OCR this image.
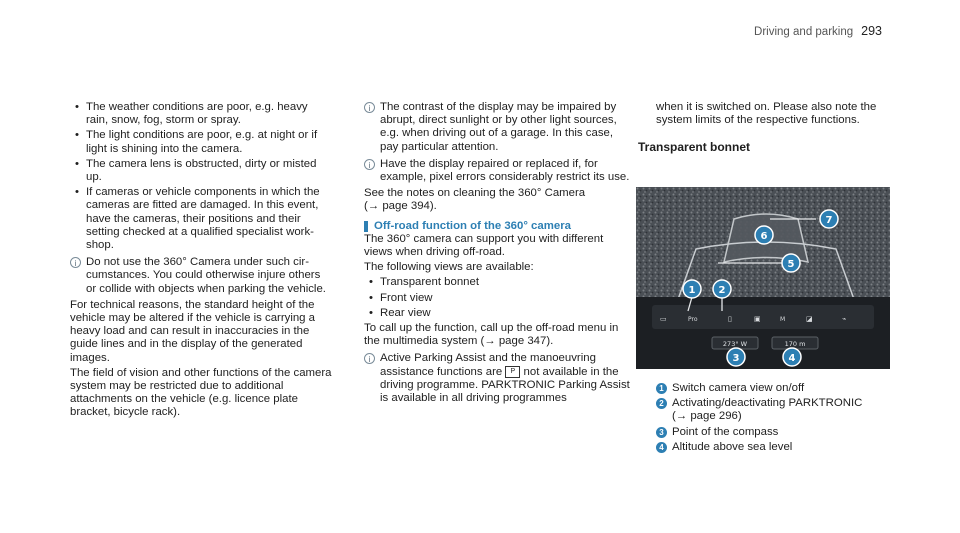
Driving and parking 293
• The weather conditions are poor, e.g. heavy rain, snow, fog, storm or spray.
• The light conditions are poor, e.g. at night or if light is shining into the camera.
• The camera lens is obstructed, dirty or misted up.
• If cameras or vehicle components in which the cameras are fitted are damaged. In this event, have the cameras, their positions and their setting checked at a qualified specialist workshop.
i Do not use the 360° Camera under such circumstances. You could otherwise injure others or collide with objects when parking the vehicle.

For technical reasons, the standard height of the vehicle may be altered if the vehicle is carrying a heavy load and can result in inaccuracies in the guide lines and in the display of the generated images.

The field of vision and other functions of the camera system may be restricted due to additional attachments on the vehicle (e.g. licence plate bracket, bicycle rack).

i The contrast of the display may be impaired by abrupt, direct sunlight or by other light sources, e.g. when driving out of a garage. In this case, pay particular attention.
i Have the display repaired or replaced if, for example, pixel errors considerably restrict its use.

See the notes on cleaning the 360° Camera
(→ page 394).

Off-road function of the 360° camera

The 360° camera can support you with different views when driving off-road.

The following views are available:

• Transparent bonnet
• Front view
• Rear view

To call up the function, call up the off-road menu in the multimedia system (→ page 347).

i Active Parking Assist and the manoeuvring assistance functions are P not available in the driving programme. PARKTRONIC Parking Assist is available in all driving programmes

when it is switched on. Please also note the system limits of the respective functions.

Transparent bonnet
▭	Pro	▯	▣	M	◪	⌁
273° W	170 m
6
7
5
1 2
3	4
1 Switch camera view on/off
2 Activating/deactivating PARKTRONIC
(→ page 296)
3 Point of the compass
4 Altitude above sea level
